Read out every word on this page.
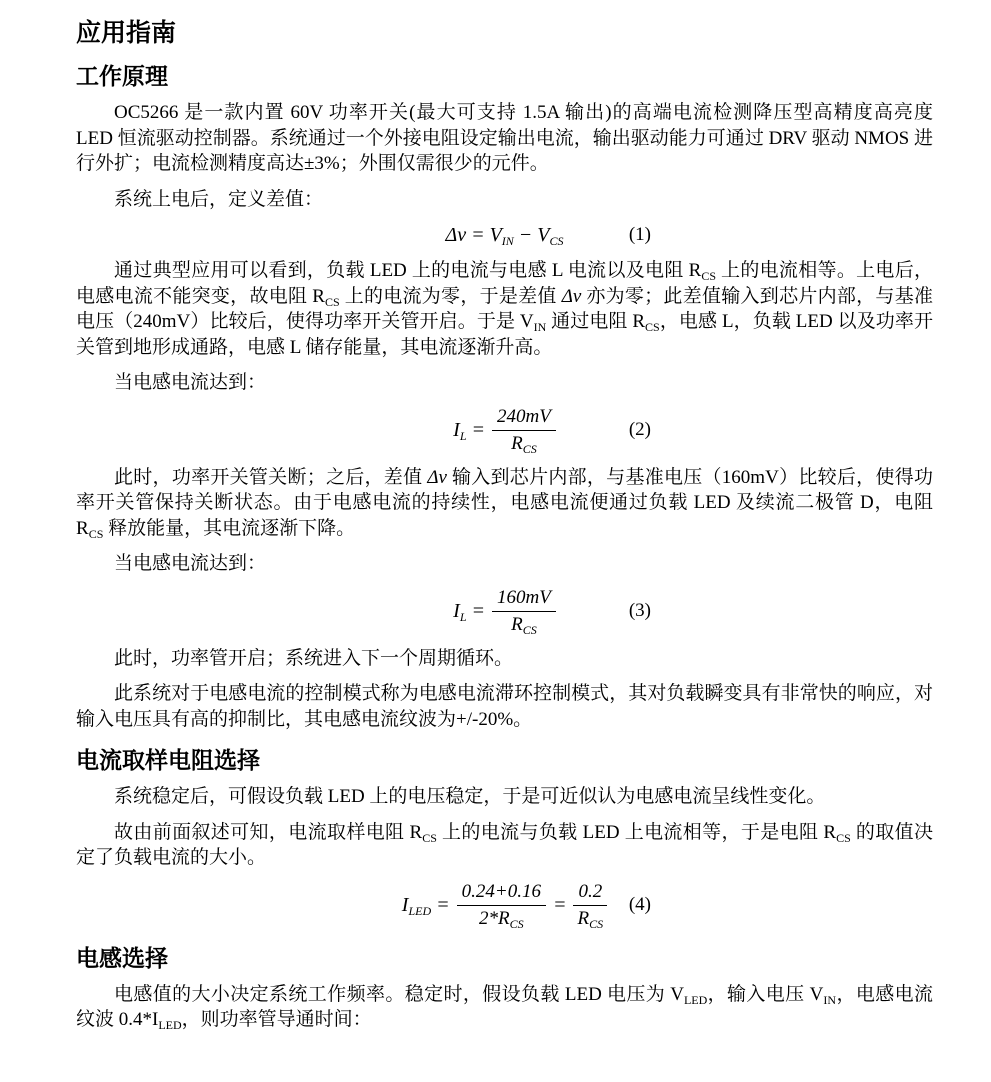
应用指南
工作原理

OC5266 是一款内置 60V 功率开关(最大可支持 1.5A 输出)的高端电流检测降压型高精度高亮度 LED 恒流驱动控制器。系统通过一个外接电阻设定输出电流，输出驱动能力可通过 DRV 驱动 NMOS 进行外扩；电流检测精度高达±3%；外围仅需很少的元件。

系统上电后，定义差值：

$\Delta v = V_{IN} - V_{CS}$	(1)

通过典型应用可以看到，负载 LED 上的电流与电感 L 电流以及电阻 $R_{CS}$ 上的电流相等。上电后，电感电流不能突变，故电阻 $R_{CS}$ 上的电流为零，于是差值 Δv 亦为零；此差值输入到芯片内部，与基准电压（240mV）比较后，使得功率开关管开启。于是 $V_{IN}$ 通过电阻 $R_{CS}$，电感 L，负载 LED 以及功率开关管到地形成通路，电感 L 储存能量，其电流逐渐升高。

当电感电流达到：

$I_L = \frac{240mV}{R_{CS}}$	(2)

此时，功率开关管关断；之后，差值 Δv 输入到芯片内部，与基准电压（160mV）比较后，使得功率开关管保持关断状态。由于电感电流的持续性，电感电流便通过负载 LED 及续流二极管 D，电阻 $R_{CS}$ 释放能量，其电流逐渐下降。

当电感电流达到：

$I_L = \frac{160mV}{R_{CS}}$	(3)

此时，功率管开启；系统进入下一个周期循环。

此系统对于电感电流的控制模式称为电感电流滞环控制模式，其对负载瞬变具有非常快的响应，对输入电压具有高的抑制比，其电感电流纹波为+/-20%。

电流取样电阻选择

系统稳定后，可假设负载 LED 上的电压稳定，于是可近似认为电感电流呈线性变化。

故由前面叙述可知，电流取样电阻 $R_{CS}$ 上的电流与负载 LED 上电流相等，于是电阻 $R_{CS}$ 的取值决定了负载电流的大小。

$I_{LED} = \frac{0.24+0.16}{2*R_{CS}} = \frac{0.2}{R_{CS}} (4)$
电感选择

电感值的大小决定系统工作频率。稳定时，假设负载 LED 电压为 $V_{LED}$，输入电压 $V_{IN}$，电感电流纹波 $0.4*I_{LED}$，则功率管导通时间：
